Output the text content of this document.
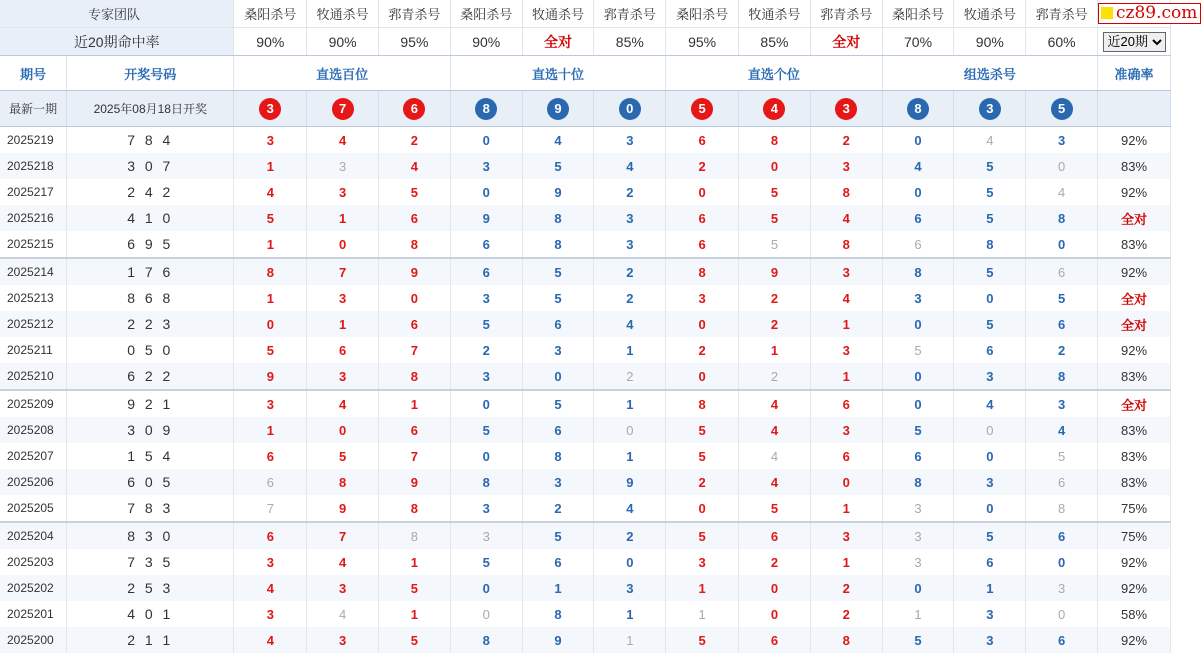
专家团队		桑阳杀号	牧通杀号	郛青杀号	桑阳杀号	牧通杀号	郛青杀号	桑阳杀号	牧通杀号	郛青杀号	桑阳杀号	牧通杀号	郛青杀号	cz89.com
近20期命中率		90%	90%	95%	90%	全对	85%	95%	85%	全对	70%	90%	60%	
近20期
期号	开奖号码	直选百位			直选十位			直选个位			组选杀号			准确率
最新一期	2025年08月18日开奖	3	7	6	8	9	0	5	4	3	8	3	5	
2025219	7 8 4	3	4	2	0	4	3	6	8	2	0	4	3	92%
2025218	3 0 7	1	3	4	3	5	4	2	0	3	4	5	0	83%
2025217	2 4 2	4	3	5	0	9	2	0	5	8	0	5	4	92%
2025216	4 1 0	5	1	6	9	8	3	6	5	4	6	5	8	全对
2025215	6 9 5	1	0	8	6	8	3	6	5	8	6	8	0	83%
2025214	1 7 6	8	7	9	6	5	2	8	9	3	8	5	6	92%
2025213	8 6 8	1	3	0	3	5	2	3	2	4	3	0	5	全对
2025212	2 2 3	0	1	6	5	6	4	0	2	1	0	5	6	全对
2025211	0 5 0	5	6	7	2	3	1	2	1	3	5	6	2	92%
2025210	6 2 2	9	3	8	3	0	2	0	2	1	0	3	8	83%
2025209	9 2 1	3	4	1	0	5	1	8	4	6	0	4	3	全对
2025208	3 0 9	1	0	6	5	6	0	5	4	3	5	0	4	83%
2025207	1 5 4	6	5	7	0	8	1	5	4	6	6	0	5	83%
2025206	6 0 5	6	8	9	8	3	9	2	4	0	8	3	6	83%
2025205	7 8 3	7	9	8	3	2	4	0	5	1	3	0	8	75%
2025204	8 3 0	6	7	8	3	5	2	5	6	3	3	5	6	75%
2025203	7 3 5	3	4	1	5	6	0	3	2	1	3	6	0	92%
2025202	2 5 3	4	3	5	0	1	3	1	0	2	0	1	3	92%
2025201	4 0 1	3	4	1	0	8	1	1	0	2	1	3	0	58%
2025200	2 1 1	4	3	5	8	9	1	5	6	8	5	3	6	92%
